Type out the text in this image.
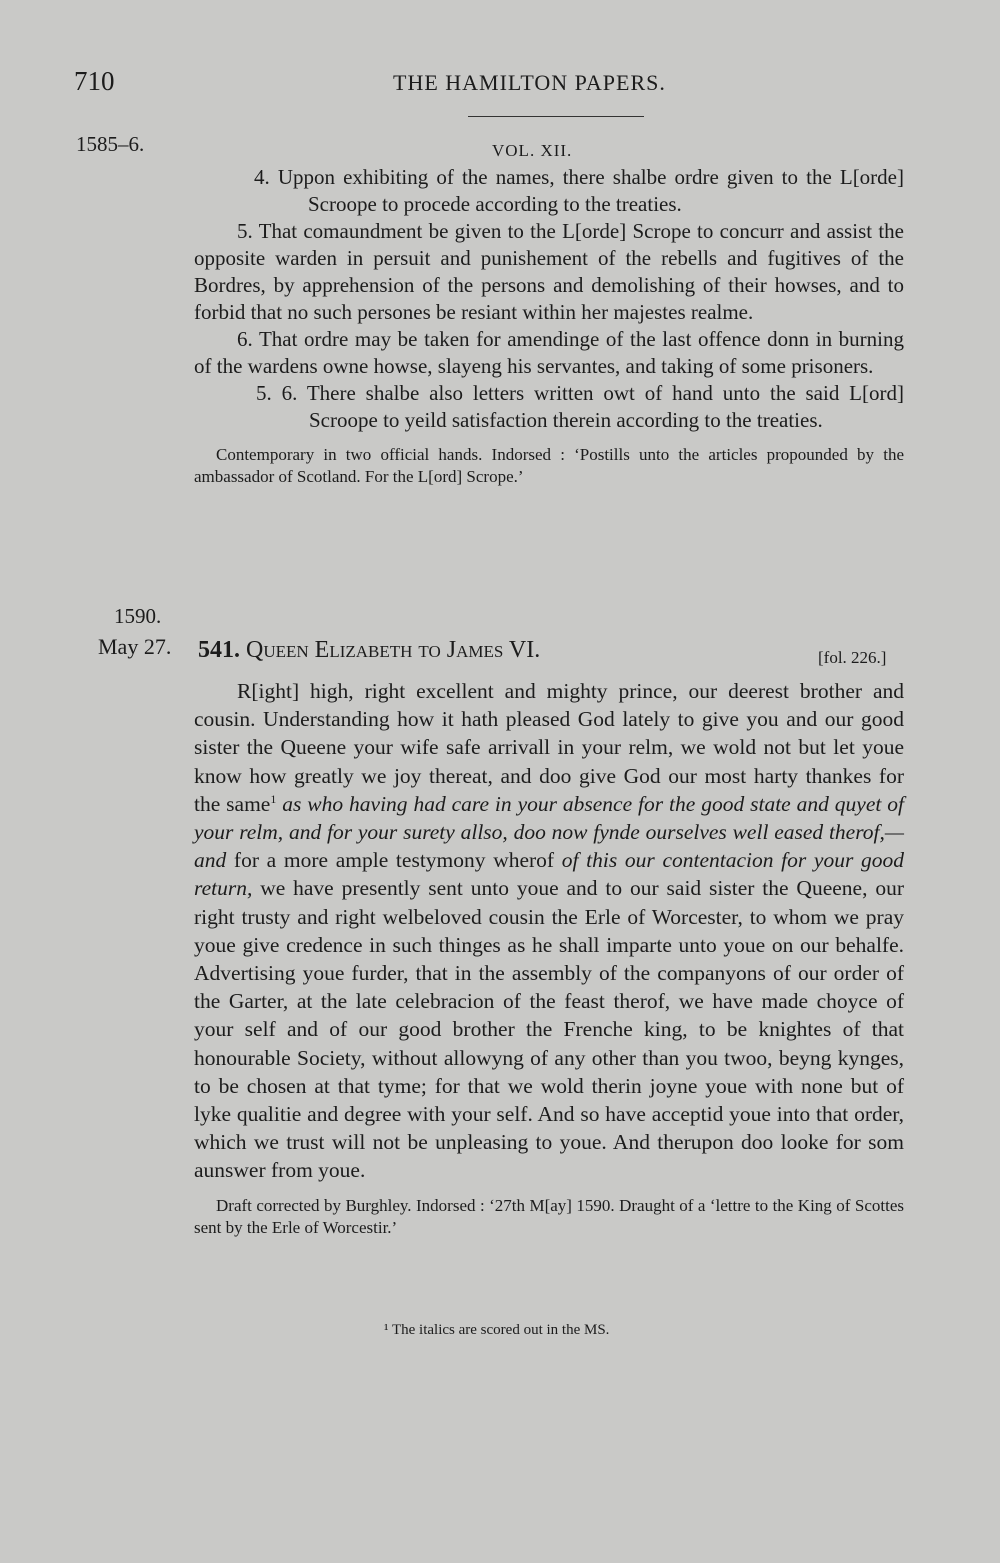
710	THE HAMILTON PAPERS.
1585–6.	VOL. XII.

4. Uppon exhibiting of the names, there shalbe ordre given to the L[orde] Scroope to procede according to the treaties.

5. That comaundment be given to the L[orde] Scrope to concurr and assist the opposite warden in persuit and punishement of the rebells and fugitives of the Bordres, by apprehension of the persons and demolishing of their howses, and to forbid that no such persones be resiant within her majestes realme.

6. That ordre may be taken for amendinge of the last offence donn in burning of the wardens owne howse, slayeng his servantes, and taking of some prisoners.

5. 6. There shalbe also letters written owt of hand unto the said L[ord] Scroope to yeild satisfaction therein according to the treaties.

Contemporary in two official hands. Indorsed : ‘Postills unto the articles propounded by the ambassador of Scotland. For the L[ord] Scrope.’

1590.
May 27. 541. Queen Elizabeth to James VI.	[fol. 226.]

R[ight] high, right excellent and mighty prince, our deerest brother and cousin. Understanding how it hath pleased God lately to give you and our good sister the Queene your wife safe arrivall in your relm, we wold not but let youe know how greatly we joy thereat, and doo give God our most harty thankes for the same$^1$ as who having had care in your absence for the good state and quyet of your relm, and for your surety allso, doo now fynde ourselves well eased therof,—and for a more ample testymony wherof of this our contentacion for your good return, we have presently sent unto youe and to our said sister the Queene, our right trusty and right welbeloved cousin the Erle of Worcester, to whom we pray youe give credence in such thinges as he shall imparte unto youe on our behalfe. Advertising youe furder, that in the assembly of the companyons of our order of the Garter, at the late celebracion of the feast therof, we have made choyce of your self and of our good brother the Frenche king, to be knightes of that honourable Society, without allowyng of any other than you twoo, beyng kynges, to be chosen at that tyme; for that we wold therin joyne youe with none but of lyke qualitie and degree with your self. And so have acceptid youe into that order, which we trust will not be unpleasing to youe. And therupon doo looke for som aunswer from youe.

Draft corrected by Burghley. Indorsed : ‘27th M[ay] 1590. Draught of a ‘lettre to the King of Scottes sent by the Erle of Worcestir.’

¹ The italics are scored out in the MS.
